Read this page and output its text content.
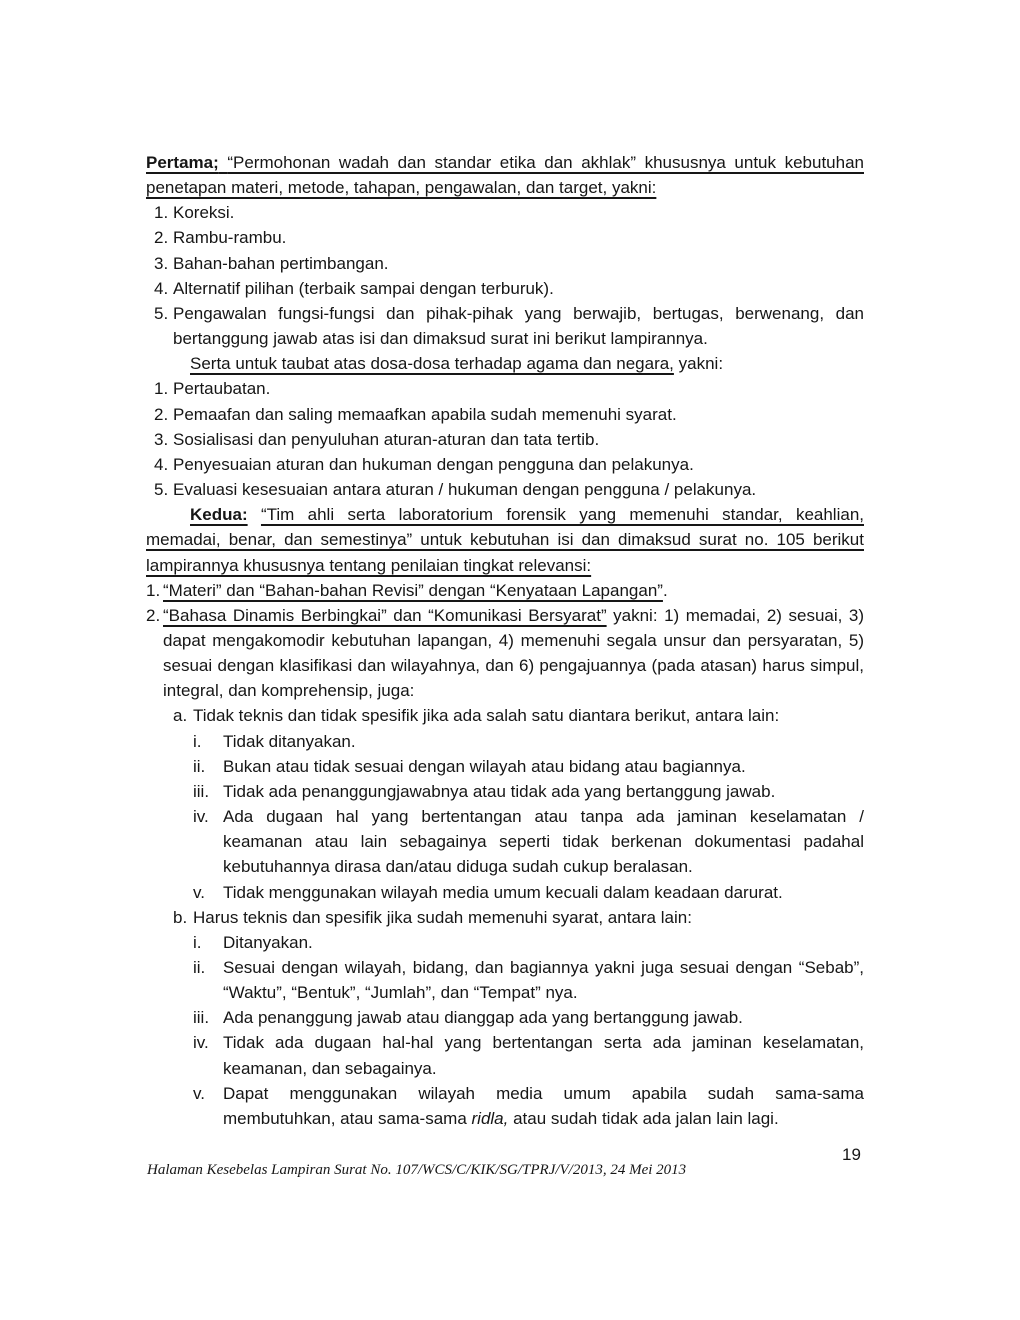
Pertama; “Permohonan wadah dan standar etika dan akhlak” khususnya untuk kebutuhan penetapan materi, metode, tahapan, pengawalan, dan target, yakni:

1. Koreksi.
2. Rambu-rambu.
3. Bahan-bahan pertimbangan.
4. Alternatif pilihan (terbaik sampai dengan terburuk).
5. Pengawalan fungsi-fungsi dan pihak-pihak yang berwajib, bertugas, berwenang, dan bertanggung jawab atas isi dan dimaksud surat ini berikut lampirannya.

Serta untuk taubat atas dosa-dosa terhadap agama dan negara, yakni:

1. Pertaubatan.
2. Pemaafan dan saling memaafkan apabila sudah memenuhi syarat.
3. Sosialisasi dan penyuluhan aturan-aturan dan tata tertib.
4. Penyesuaian aturan dan hukuman dengan pengguna dan pelakunya.
5. Evaluasi kesesuaian antara aturan / hukuman dengan pengguna / pelakunya.

Kedua: “Tim ahli serta laboratorium forensik yang memenuhi standar, keahlian, memadai, benar, dan semestinya” untuk kebutuhan isi dan dimaksud surat no. 105 berikut lampirannya khususnya tentang penilaian tingkat relevansi:

1. “Materi” dan “Bahan-bahan Revisi” dengan “Kenyataan Lapangan”.
2. “Bahasa Dinamis Berbingkai” dan “Komunikasi Bersyarat” yakni: 1) memadai, 2) sesuai, 3) dapat mengakomodir kebutuhan lapangan, 4) memenuhi segala unsur dan persyaratan, 5) sesuai dengan klasifikasi dan wilayahnya, dan 6) pengajuannya (pada atasan) harus simpul, integral, dan komprehensip, juga:
a. Tidak teknis dan tidak spesifik jika ada salah satu diantara berikut, antara lain:
i. Tidak ditanyakan.
ii. Bukan atau tidak sesuai dengan wilayah atau bidang atau bagiannya.
iii. Tidak ada penanggungjawabnya atau tidak ada yang bertanggung jawab.
iv. Ada dugaan hal yang bertentangan atau tanpa ada jaminan keselamatan / keamanan atau lain sebagainya seperti tidak berkenan dokumentasi padahal kebutuhannya dirasa dan/atau diduga sudah cukup beralasan.
v. Tidak menggunakan wilayah media umum kecuali dalam keadaan darurat.
b. Harus teknis dan spesifik jika sudah memenuhi syarat, antara lain:
i. Ditanyakan.
ii. Sesuai dengan wilayah, bidang, dan bagiannya yakni juga sesuai dengan “Sebab”, “Waktu”, “Bentuk”, “Jumlah”, dan “Tempat” nya.
iii. Ada penanggung jawab atau dianggap ada yang bertanggung jawab.
iv. Tidak ada dugaan hal-hal yang bertentangan serta ada jaminan keselamatan, keamanan, dan sebagainya.
v. Dapat menggunakan wilayah media umum apabila sudah sama-sama membutuhkan, atau sama-sama ridla, atau sudah tidak ada jalan lain lagi.
19
Halaman Kesebelas Lampiran Surat No. 107/WCS/C/KIK/SG/TPRJ/V/2013, 24 Mei 2013
